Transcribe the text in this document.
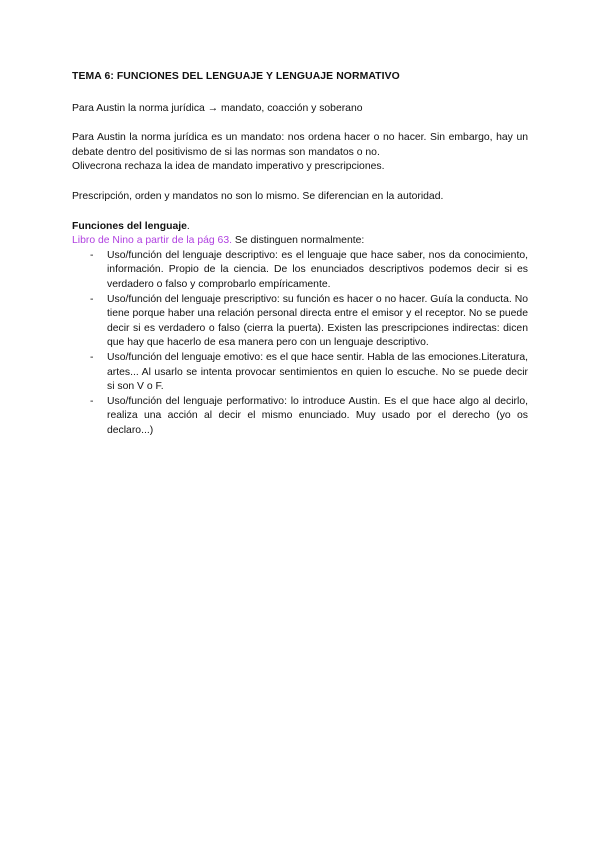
TEMA 6: FUNCIONES DEL LENGUAJE Y LENGUAJE NORMATIVO

Para Austin la norma jurídica → mandato, coacción y soberano

Para Austin la norma jurídica es un mandato: nos ordena hacer o no hacer. Sin embargo, hay un debate dentro del positivismo de si las normas son mandatos o no.

Olivecrona rechaza la idea de mandato imperativo y prescripciones.

Prescripción, orden y mandatos no son lo mismo. Se diferencian en la autoridad.

Funciones del lenguaje.

Libro de Nino a partir de la pág 63. Se distinguen normalmente:

- Uso/función del lenguaje descriptivo: es el lenguaje que hace saber, nos da conocimiento, información. Propio de la ciencia. De los enunciados descriptivos podemos decir si es verdadero o falso y comprobarlo empíricamente.
- Uso/función del lenguaje prescriptivo: su función es hacer o no hacer. Guía la conducta. No tiene porque haber una relación personal directa entre el emisor y el receptor. No se puede decir si es verdadero o falso (cierra la puerta). Existen las prescripciones indirectas: dicen que hay que hacerlo de esa manera pero con un lenguaje descriptivo.
- Uso/función del lenguaje emotivo: es el que hace sentir. Habla de las emociones.Literatura, artes... Al usarlo se intenta provocar sentimientos en quien lo escuche. No se puede decir si son V o F.
- Uso/función del lenguaje performativo: lo introduce Austin. Es el que hace algo al decirlo, realiza una acción al decir el mismo enunciado. Muy usado por el derecho (yo os declaro...)
